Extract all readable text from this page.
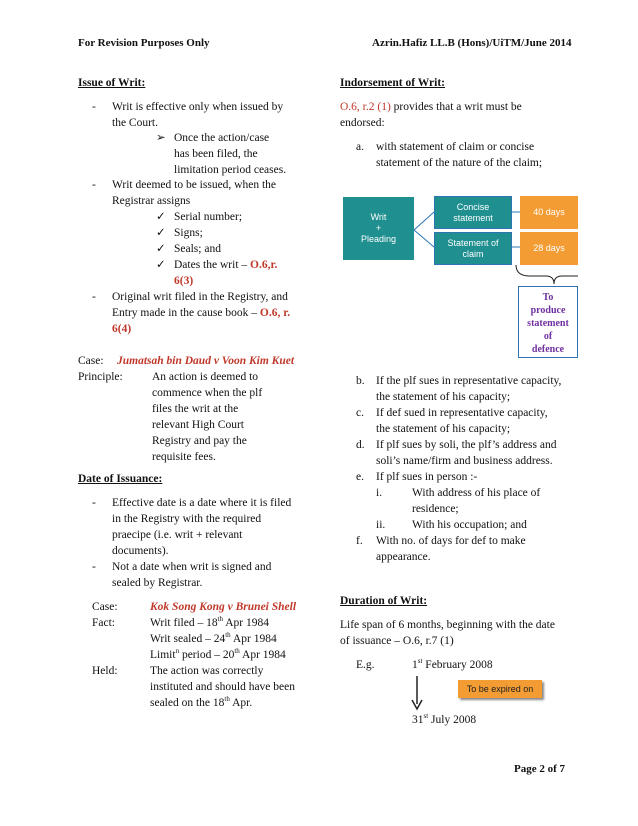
For Revision Purposes Only	Azrin.Hafiz LL.B (Hons)/UiTM/June 2014
Issue of Writ:
- Writ is effective only when issued by
the Court.
➢ Once the action/case
has been filed, the
limitation period ceases.
- Writ deemed to be issued, when the
Registrar assigns
✓ Serial number;
✓ Signs;
✓ Seals; and
✓ Dates the writ – O.6,r.
6(3)
- Original writ filed in the Registry, and
Entry made in the cause book – O.6, r.
6(4)
Case: Jumatsah bin Daud v Voon Kim Kuet
Principle:	An action is deemed to
commence when the plf
files the writ at the
relevant High Court
Registry and pay the
requisite fees.
Date of Issuance:
- Effective date is a date where it is filed
in the Registry with the required
praecipe (i.e. writ + relevant
documents).
- Not a date when writ is signed and
sealed by Registrar.
Case:	Kok Song Kong v Brunei Shell
Fact:	Writ filed – 18th Apr 1984
Writ sealed – 24th Apr 1984
Limit$^n$ period – 20th Apr 1984
Held:	The action was correctly
instituted and should have been
sealed on the 18th Apr.
Indorsement of Writ:
O.6, r.2 (1) provides that a writ must be
endorsed:
a. with statement of claim or concise
statement of the nature of the claim;
Writ
+
Pleading
Concise
statement
Statement of
claim
40 days
28 days
To
produce
statement
of
defence
b. If the plf sues in representative capacity,
the statement of his capacity;
c. If def sued in representative capacity,
the statement of his capacity;
d. If plf sues by soli, the plf’s address and
soli’s name/firm and business address.
e. If plf sues in person :-
i.	With address of his place of
residence;
ii. With his occupation; and
f. With no. of days for def to make
appearance.
Duration of Writ:
Life span of 6 months, beginning with the date
of issuance – O.6, r.7 (1)
E.g.	1st February 2008
To be expired on
31st July 2008
Page 2 of 7
